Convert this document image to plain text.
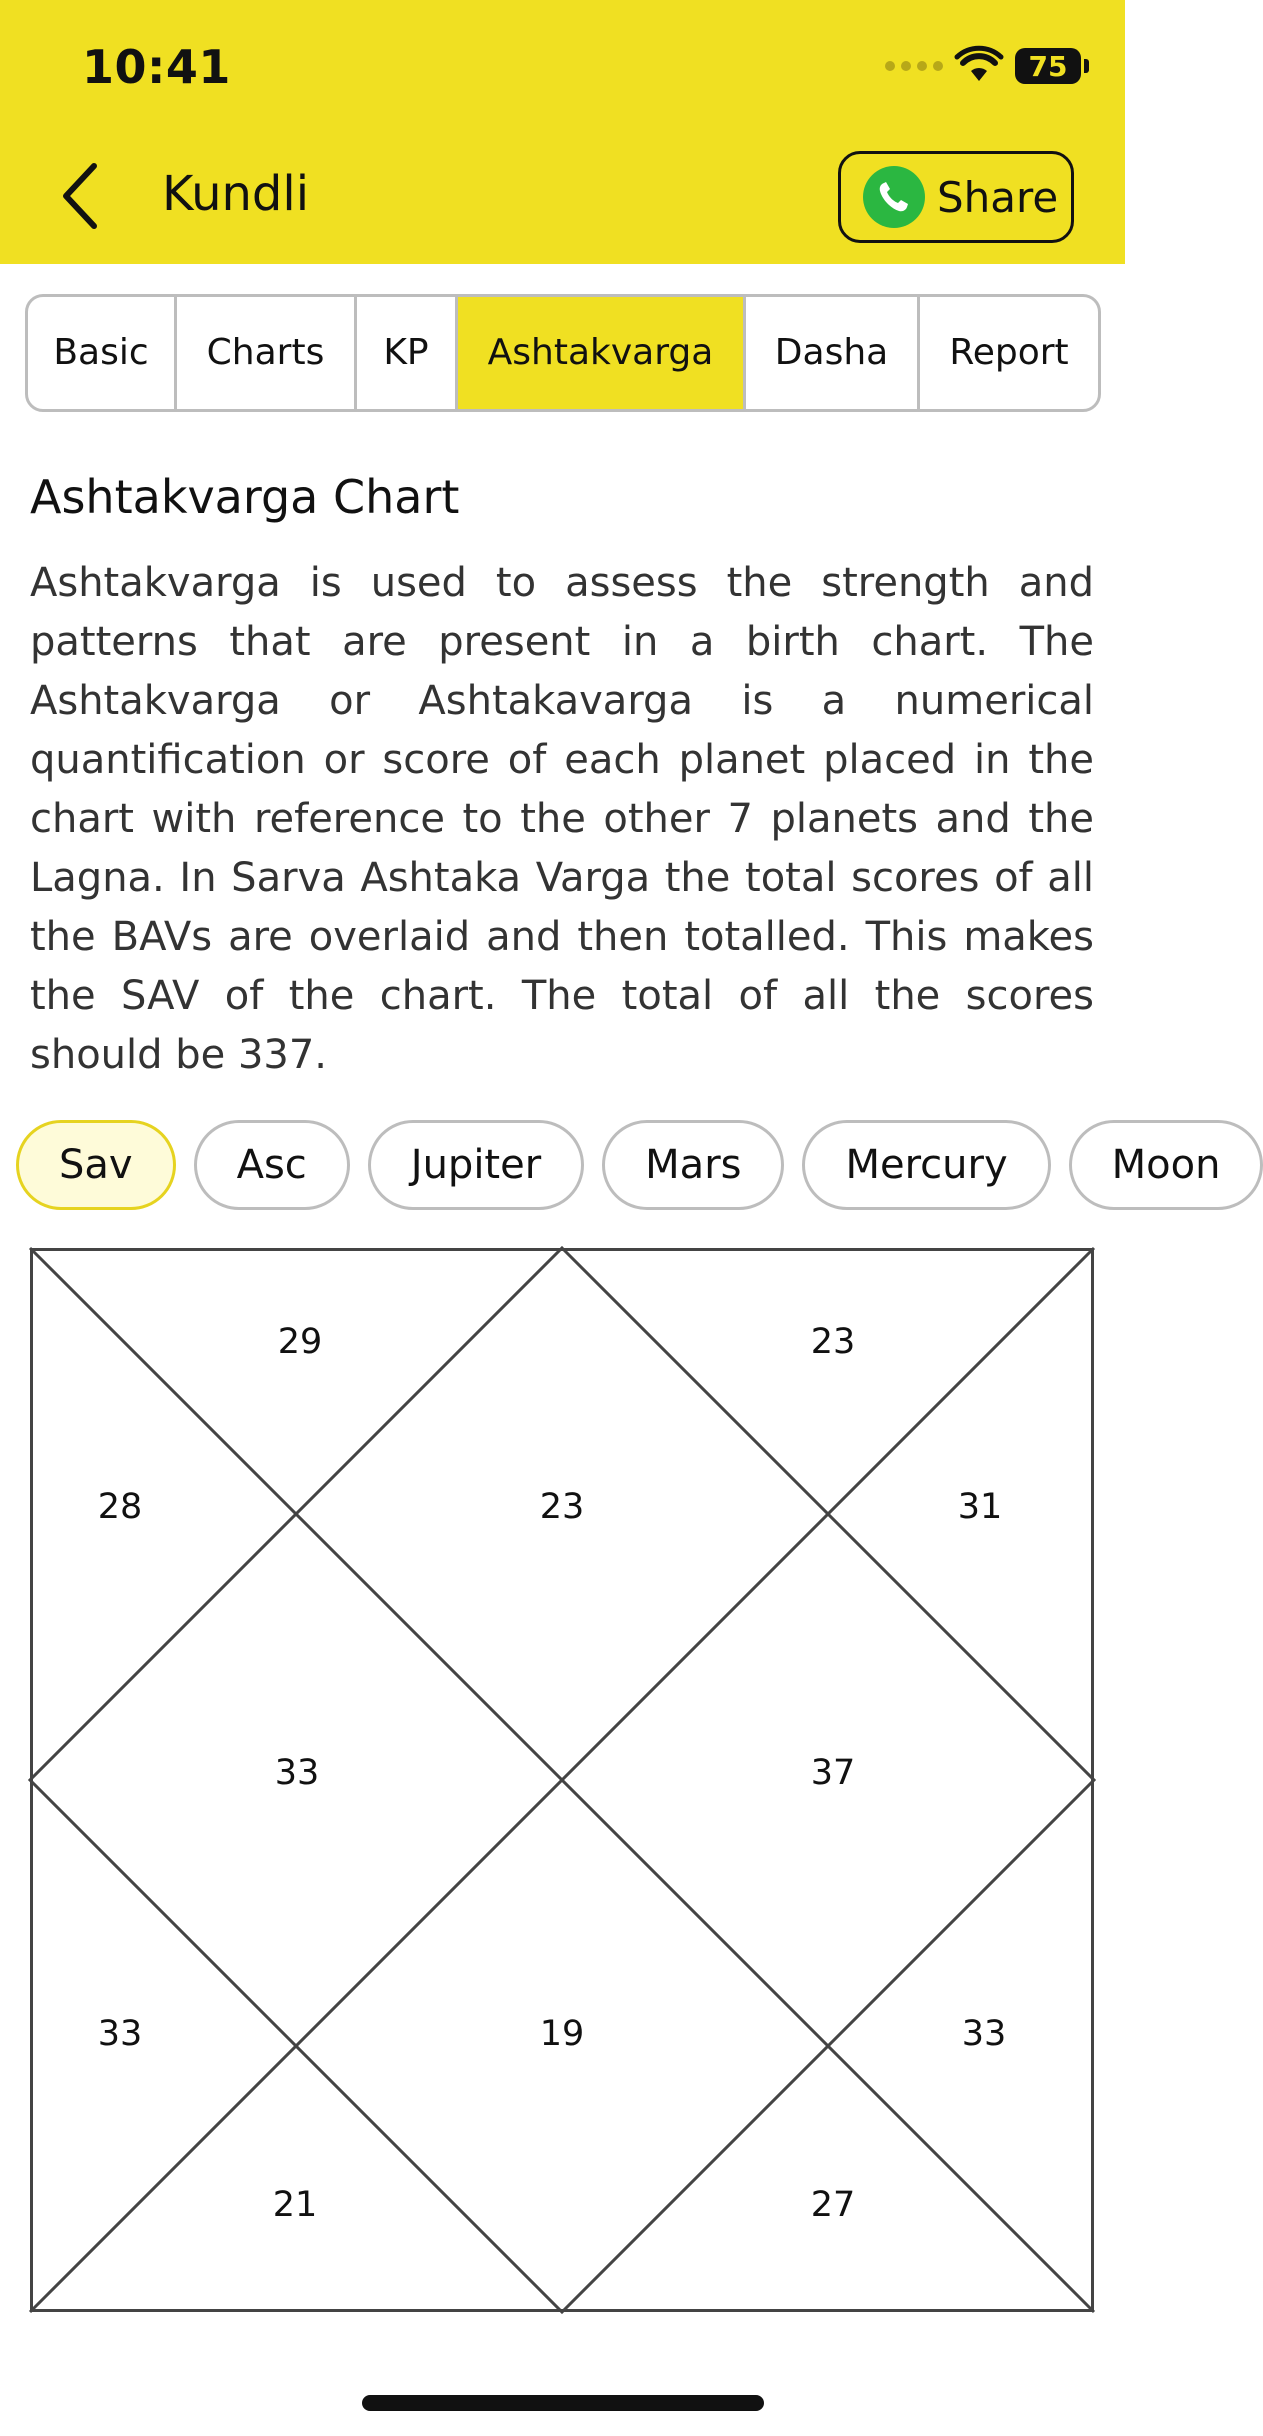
10:41	75
Kundli	Share
Basic	Charts	KP	Ashtakvarga	Dasha	Report
Ashtakvarga Chart

Ashtakvarga is used to assess the strength and patterns that are present in a birth chart. The Ashtakvarga or Ashtakavarga is a numerical quantification or score of each planet placed in the chart with reference to the other 7 planets and the Lagna. In Sarva Ashtaka Varga the total scores of all the BAVs are overlaid and then totalled. This makes the SAV of the chart. The total of all the scores should be 337.

Sav	Asc	Jupiter	Mars	Mercury	Moon
23
29
28
33
33
21
19
27
33
37
31
23
